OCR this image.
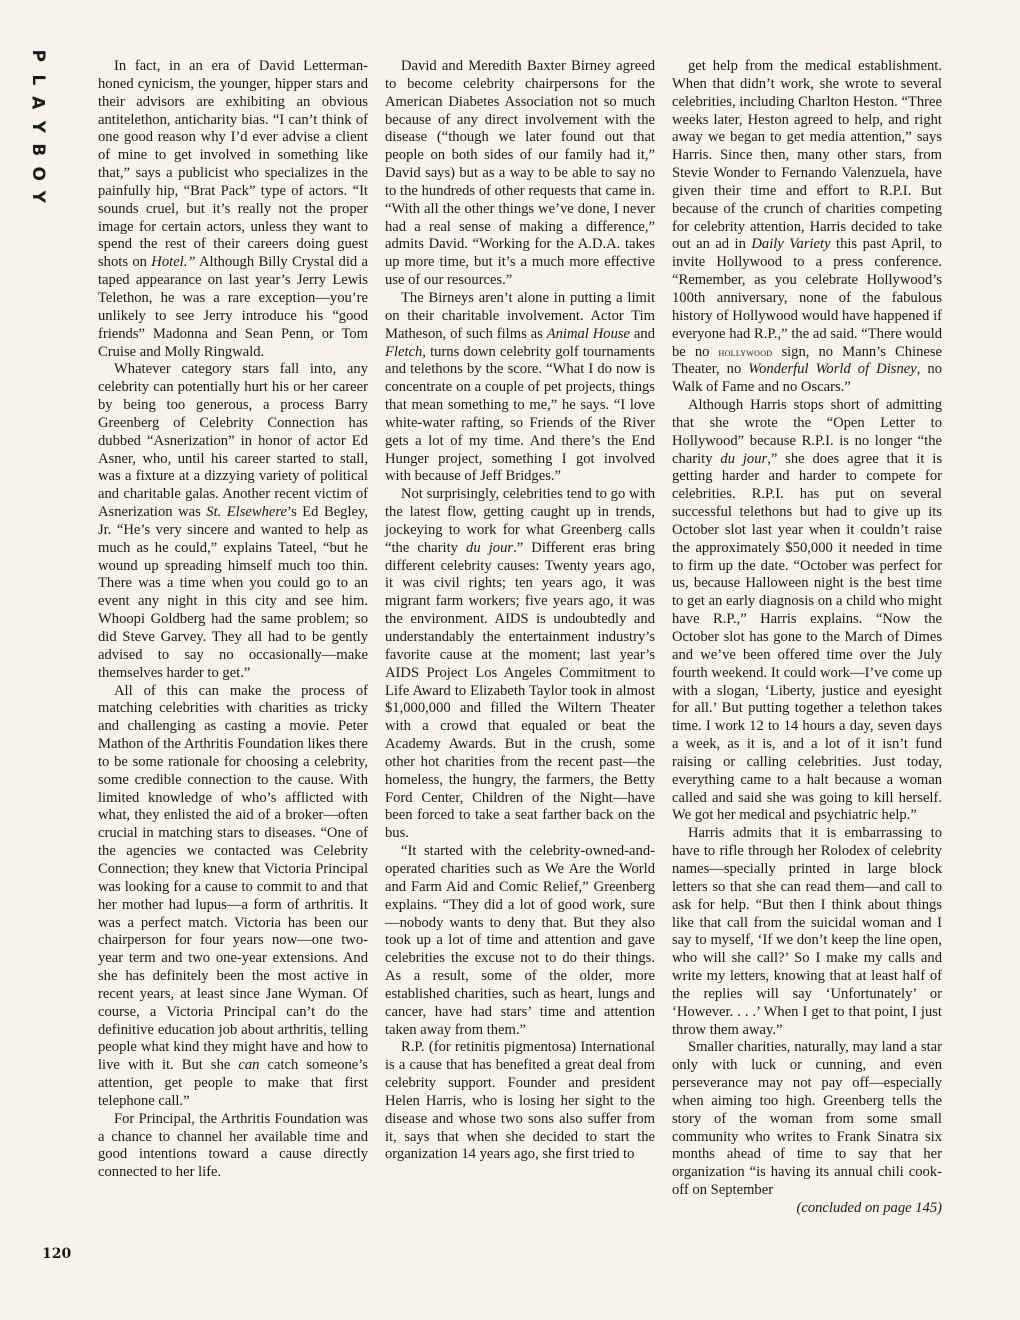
P
L
A
Y
B
O
Y

In fact, in an era of David Letterman-honed cynicism, the younger, hipper stars and their advisors are exhibiting an obvious antitelethon, anticharity bias. “I can’t think of one good reason why I’d ever advise a client of mine to get involved in something like that,” says a publicist who specializes in the painfully hip, “Brat Pack” type of actors. “It sounds cruel, but it’s really not the proper image for certain actors, unless they want to spend the rest of their careers doing guest shots on Hotel.” Although Billy Crystal did a taped appearance on last year’s Jerry Lewis Telethon, he was a rare exception—you’re unlikely to see Jerry introduce his “good friends” Madonna and Sean Penn, or Tom Cruise and Molly Ringwald.

Whatever category stars fall into, any celebrity can potentially hurt his or her career by being too generous, a process Barry Greenberg of Celebrity Connection has dubbed “Asnerization” in honor of actor Ed Asner, who, until his career started to stall, was a fixture at a dizzying variety of political and charitable galas. Another recent victim of Asnerization was St. Elsewhere’s Ed Begley, Jr. “He’s very sincere and wanted to help as much as he could,” explains Tateel, “but he wound up spreading himself much too thin. There was a time when you could go to an event any night in this city and see him. Whoopi Goldberg had the same problem; so did Steve Garvey. They all had to be gently advised to say no occasionally—make themselves harder to get.”

All of this can make the process of matching celebrities with charities as tricky and challenging as casting a movie. Peter Mathon of the Arthritis Foundation likes there to be some rationale for choosing a celebrity, some credible connection to the cause. With limited knowledge of who’s afflicted with what, they enlisted the aid of a broker—often crucial in matching stars to diseases. “One of the agencies we contacted was Celebrity Connection; they knew that Victoria Principal was looking for a cause to commit to and that her mother had lupus—a form of arthritis. It was a perfect match. Victoria has been our chairperson for four years now—one two-year term and two one-year extensions. And she has definitely been the most active in recent years, at least since Jane Wyman. Of course, a Victoria Principal can’t do the definitive education job about arthritis, telling people what kind they might have and how to live with it. But she can catch someone’s attention, get people to make that first telephone call.”

For Principal, the Arthritis Foundation was a chance to channel her available time and good intentions toward a cause directly connected to her life.

David and Meredith Baxter Birney agreed to become celebrity chairpersons for the American Diabetes Association not so much because of any direct involvement with the disease (“though we later found out that people on both sides of our family had it,” David says) but as a way to be able to say no to the hundreds of other requests that came in. “With all the other things we’ve done, I never had a real sense of making a difference,” admits David. “Working for the A.D.A. takes up more time, but it’s a much more effective use of our resources.”

The Birneys aren’t alone in putting a limit on their charitable involvement. Actor Tim Matheson, of such films as Animal House and Fletch, turns down celebrity golf tournaments and telethons by the score. “What I do now is concentrate on a couple of pet projects, things that mean something to me,” he says. “I love white-water rafting, so Friends of the River gets a lot of my time. And there’s the End Hunger project, something I got involved with because of Jeff Bridges.”

Not surprisingly, celebrities tend to go with the latest flow, getting caught up in trends, jockeying to work for what Greenberg calls “the charity du jour.” Different eras bring different celebrity causes: Twenty years ago, it was civil rights; ten years ago, it was migrant farm workers; five years ago, it was the environment. AIDS is undoubtedly and understandably the entertainment industry’s favorite cause at the moment; last year’s AIDS Project Los Angeles Commitment to Life Award to Elizabeth Taylor took in almost $1,000,000 and filled the Wiltern Theater with a crowd that equaled or beat the Academy Awards. But in the crush, some other hot charities from the recent past—the homeless, the hungry, the farmers, the Betty Ford Center, Children of the Night—have been forced to take a seat farther back on the bus.

“It started with the celebrity-owned-and-operated charities such as We Are the World and Farm Aid and Comic Relief,” Greenberg explains. “They did a lot of good work, sure—nobody wants to deny that. But they also took up a lot of time and attention and gave celebrities the excuse not to do their things. As a result, some of the older, more established charities, such as heart, lungs and cancer, have had stars’ time and attention taken away from them.”

R.P. (for retinitis pigmentosa) International is a cause that has benefited a great deal from celebrity support. Founder and president Helen Harris, who is losing her sight to the disease and whose two sons also suffer from it, says that when she decided to start the organization 14 years ago, she first tried to

get help from the medical establishment. When that didn’t work, she wrote to several celebrities, including Charlton Heston. “Three weeks later, Heston agreed to help, and right away we began to get media attention,” says Harris. Since then, many other stars, from Stevie Wonder to Fernando Valenzuela, have given their time and effort to R.P.I. But because of the crunch of charities competing for celebrity attention, Harris decided to take out an ad in Daily Variety this past April, to invite Hollywood to a press conference. “Remember, as you celebrate Hollywood’s 100th anniversary, none of the fabulous history of Hollywood would have happened if everyone had R.P.,” the ad said. “There would be no hollywood sign, no Mann’s Chinese Theater, no Wonderful World of Disney, no Walk of Fame and no Oscars.”

Although Harris stops short of admitting that she wrote the “Open Letter to Hollywood” because R.P.I. is no longer “the charity du jour,” she does agree that it is getting harder and harder to compete for celebrities. R.P.I. has put on several successful telethons but had to give up its October slot last year when it couldn’t raise the approximately $50,000 it needed in time to firm up the date. “October was perfect for us, because Halloween night is the best time to get an early diagnosis on a child who might have R.P.,” Harris explains. “Now the October slot has gone to the March of Dimes and we’ve been offered time over the July fourth weekend. It could work—I’ve come up with a slogan, ‘Liberty, justice and eyesight for all.’ But putting together a telethon takes time. I work 12 to 14 hours a day, seven days a week, as it is, and a lot of it isn’t fund raising or calling celebrities. Just today, everything came to a halt because a woman called and said she was going to kill herself. We got her medical and psychiatric help.”

Harris admits that it is embarrassing to have to rifle through her Rolodex of celebrity names—specially printed in large block letters so that she can read them—and call to ask for help. “But then I think about things like that call from the suicidal woman and I say to myself, ‘If we don’t keep the line open, who will she call?’ So I make my calls and write my letters, knowing that at least half of the replies will say ‘Unfortunately’ or ‘However. . . .’ When I get to that point, I just throw them away.”

Smaller charities, naturally, may land a star only with luck or cunning, and even perseverance may not pay off—especially when aiming too high. Greenberg tells the story of the woman from some small community who writes to Frank Sinatra six months ahead of time to say that her organization “is having its annual chili cook-off on September

(concluded on page 145)

120
